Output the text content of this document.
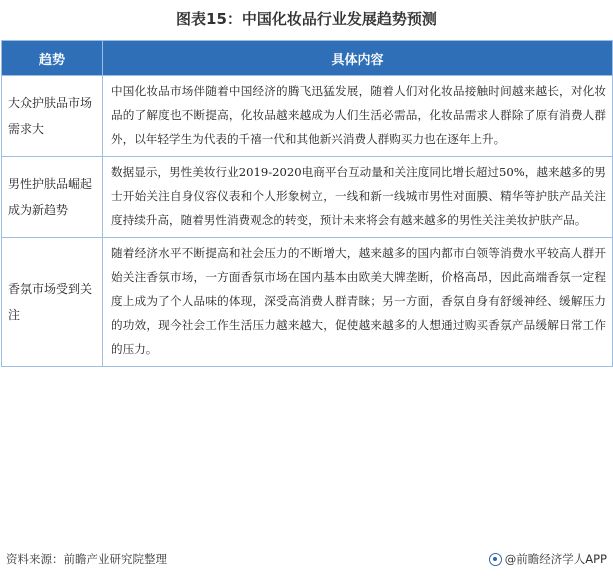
图表15：中国化妆品行业发展趋势预测
趋势	具体内容
大众护肤品市场需求大	中国化妆品市场伴随着中国经济的腾飞迅猛发展，随着人们对化妆品接触时间越来越长，对化妆品的了解度也不断提高，化妆品越来越成为人们生活必需品，化妆品需求人群除了原有消费人群外，以年轻学生为代表的千禧一代和其他新兴消费人群购买力也在逐年上升。
男性护肤品崛起成为新趋势	数据显示，男性美妆行业2019-2020电商平台互动量和关注度同比增长超过50%，越来越多的男士开始关注自身仪容仪表和个人形象树立，一线和新一线城市男性对面膜、精华等护肤产品关注度持续升高，随着男性消费观念的转变，预计未来将会有越来越多的男性关注美妆护肤产品。
香氛市场受到关注	随着经济水平不断提高和社会压力的不断增大，越来越多的国内都市白领等消费水平较高人群开始关注香氛市场，一方面香氛市场在国内基本由欧美大牌垄断，价格高昂，因此高端香氛一定程度上成为了个人品味的体现，深受高消费人群青睐；另一方面，香氛自身有舒缓神经、缓解压力的功效，现今社会工作生活压力越来越大，促使越来越多的人想通过购买香氛产品缓解日常工作的压力。
资料来源：前瞻产业研究院整理	@前瞻经济学人APP
